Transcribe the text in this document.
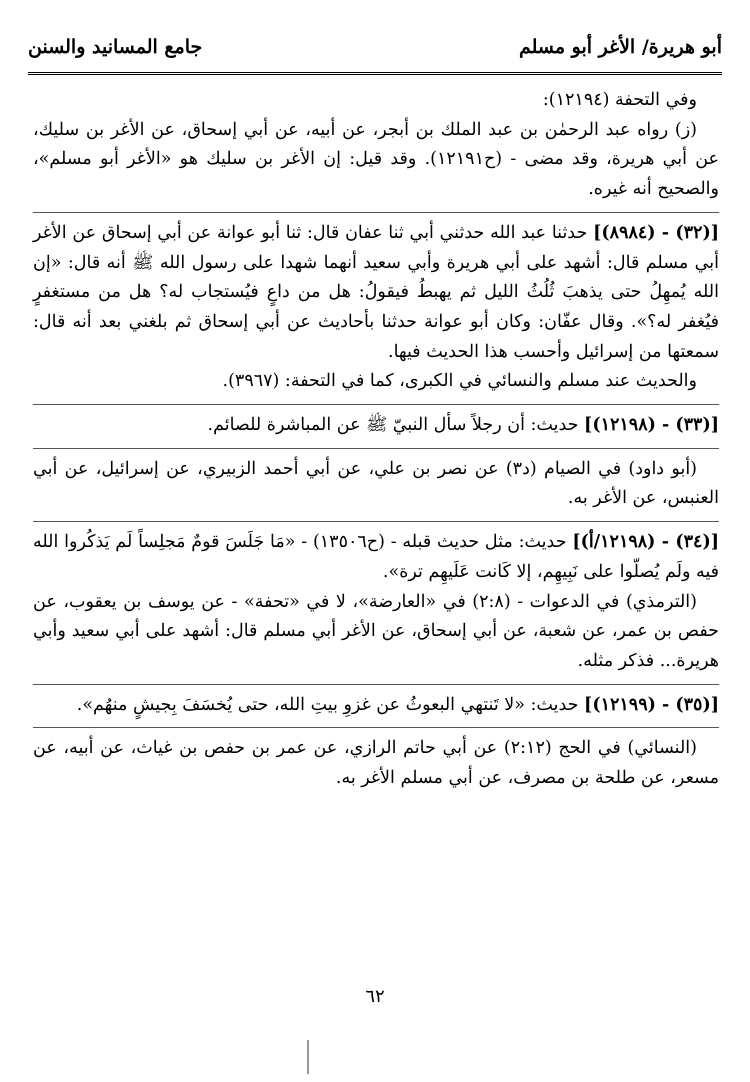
أبو هريرة/ الأغر أبو مسلم
جامع المسانيد والسنن

وفي التحفة (١٢١٩٤):

(ز) رواه عبد الرحمٰن بن عبد الملك بن أبجر، عن أبيه، عن أبي إسحاق، عن الأغر بن سليك، عن أبي هريرة، وقد مضى - (ح١٢١٩١). وقد قيل: إن الأغر بن سليك هو «الأغر أبو مسلم»، والصحيح أنه غيره.

[(٣٢) - (٨٩٨٤)] حدثنا عبد الله حدثني أبي ثنا عفان قال: ثنا أبو عوانة عن أبي إسحاق عن الأغر أبي مسلم قال: أشهد على أبي هريرة وأبي سعيد أنهما شهدا على رسول الله ﷺ أنه قال: «إن الله يُمهِلُ حتى يذهبَ ثُلُثُ الليل ثم يهبطُ فيقولُ: هل من داعٍ فيُستجاب له؟ هل من مستغفرٍ فيُغفر له؟». وقال عفّان: وكان أبو عوانة حدثنا بأحاديث عن أبي إسحاق ثم بلغني بعد أنه قال: سمعتها من إسرائيل وأحسب هذا الحديث فيها.

والحديث عند مسلم والنسائي في الكبرى، كما في التحفة: (٣٩٦٧).

[(٣٣) - (١٢١٩٨)] حديث: أن رجلاً سأل النبيّ ﷺ عن المباشرة للصائم.

(أبو داود) في الصيام (د٣) عن نصر بن علي، عن أبي أحمد الزبيري، عن إسرائيل، عن أبي العنبس، عن الأغر به.

[(٣٤) - (١٢١٩٨/أ)] حديث: مثل حديث قبله - (ح١٣٥٠٦) - «مَا جَلَسَ قومٌ مَجلِساً لَم يَذكُروا الله فيه ولَم يُصلّوا على نَبِيهِم، إلا كَانت عَلَيهِم ترة».

(الترمذي) في الدعوات - (٢:٨) في «العارضة»، لا في «تحفة» - عن يوسف بن يعقوب، عن حفص بن عمر، عن شعبة، عن أبي إسحاق، عن الأغر أبي مسلم قال: أشهد على أبي سعيد وأبي هريرة... فذكر مثله.

[(٣٥) - (١٢١٩٩)] حديث: «لا تَنتهي البعوثُ عن غزوِ بيتِ الله، حتى يُخسَفَ بِجيشٍ منهُم».

(النسائي) في الحج (٢:١٢) عن أبي حاتم الرازي، عن عمر بن حفص بن غياث، عن أبيه، عن مسعر، عن طلحة بن مصرف، عن أبي مسلم الأغر به.

٦٢
